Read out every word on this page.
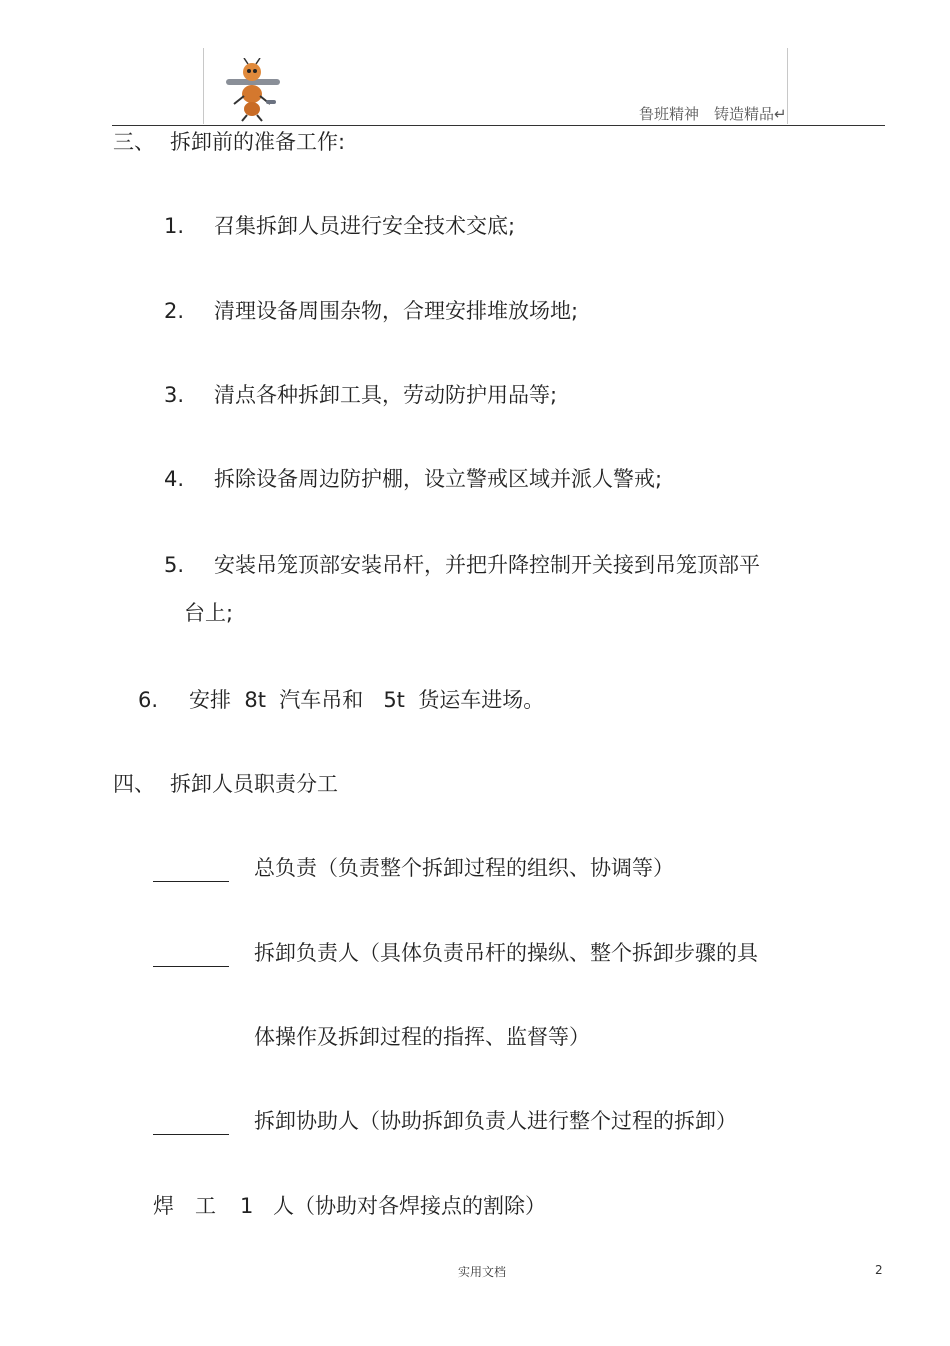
鲁班精神　铸造精品↵
三、 拆卸前的准备工作:
1. 召集拆卸人员进行安全技术交底;
2. 清理设备周围杂物，合理安排堆放场地;
3. 清点各种拆卸工具，劳动防护用品等;
4. 拆除设备周边防护棚，设立警戒区域并派人警戒;
5. 安装吊笼顶部安装吊杆，并把升降控制开关接到吊笼顶部平
台上;
6. 安排  8t  汽车吊和   5t  货运车进场。
四、 拆卸人员职责分工
总负责（负责整个拆卸过程的组织、协调等）
拆卸负责人（具体负责吊杆的操纵、整个拆卸步骤的具
体操作及拆卸过程的指挥、监督等）
拆卸协助人（协助拆卸负责人进行整个过程的拆卸）
焊　工 1 人（协助对各焊接点的割除）
实用文档	2
